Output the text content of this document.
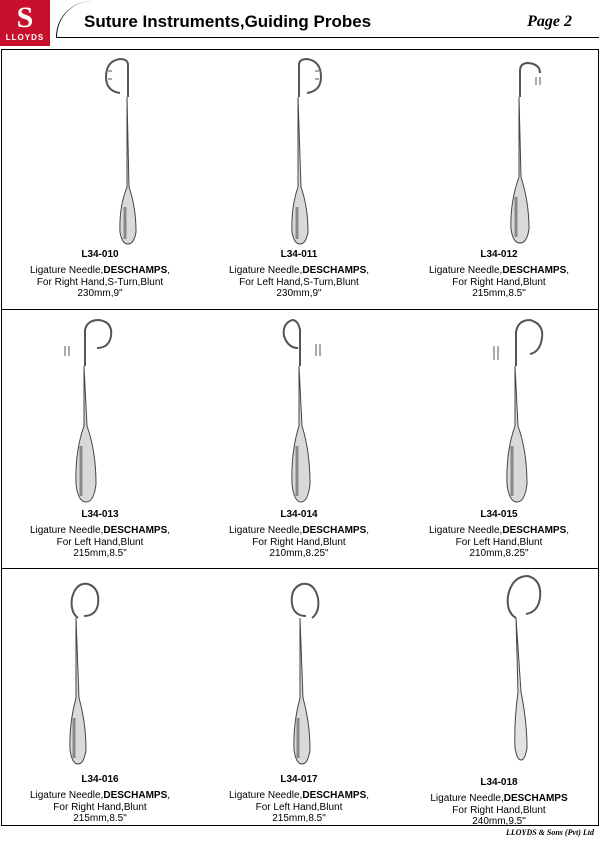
S
LLOYDS
Suture Instruments,Guiding Probes	Page 2
L34-010
Ligature Needle,DESCHAMPS,
For Right Hand,S-Turn,Blunt
230mm,9"
L34-011
Ligature Needle,DESCHAMPS,
For Left Hand,S-Turn,Blunt
230mm,9"
L34-012
Ligature Needle,DESCHAMPS,
For Right Hand,Blunt
215mm,8.5"
L34-013
Ligature Needle,DESCHAMPS,
For Left Hand,Blunt
215mm,8.5"
L34-014
Ligature Needle,DESCHAMPS,
For Right Hand,Blunt
210mm,8.25"
L34-015
Ligature Needle,DESCHAMPS,
For Left Hand,Blunt
210mm,8.25"
L34-016
Ligature Needle,DESCHAMPS,
For Right Hand,Blunt
215mm,8.5"
L34-017
Ligature Needle,DESCHAMPS,
For Left Hand,Blunt
215mm,8.5"
L34-018
Ligature Needle,DESCHAMPS
For Right Hand,Blunt
240mm,9.5"
LLOYDS & Sons (Pvt) Ltd
